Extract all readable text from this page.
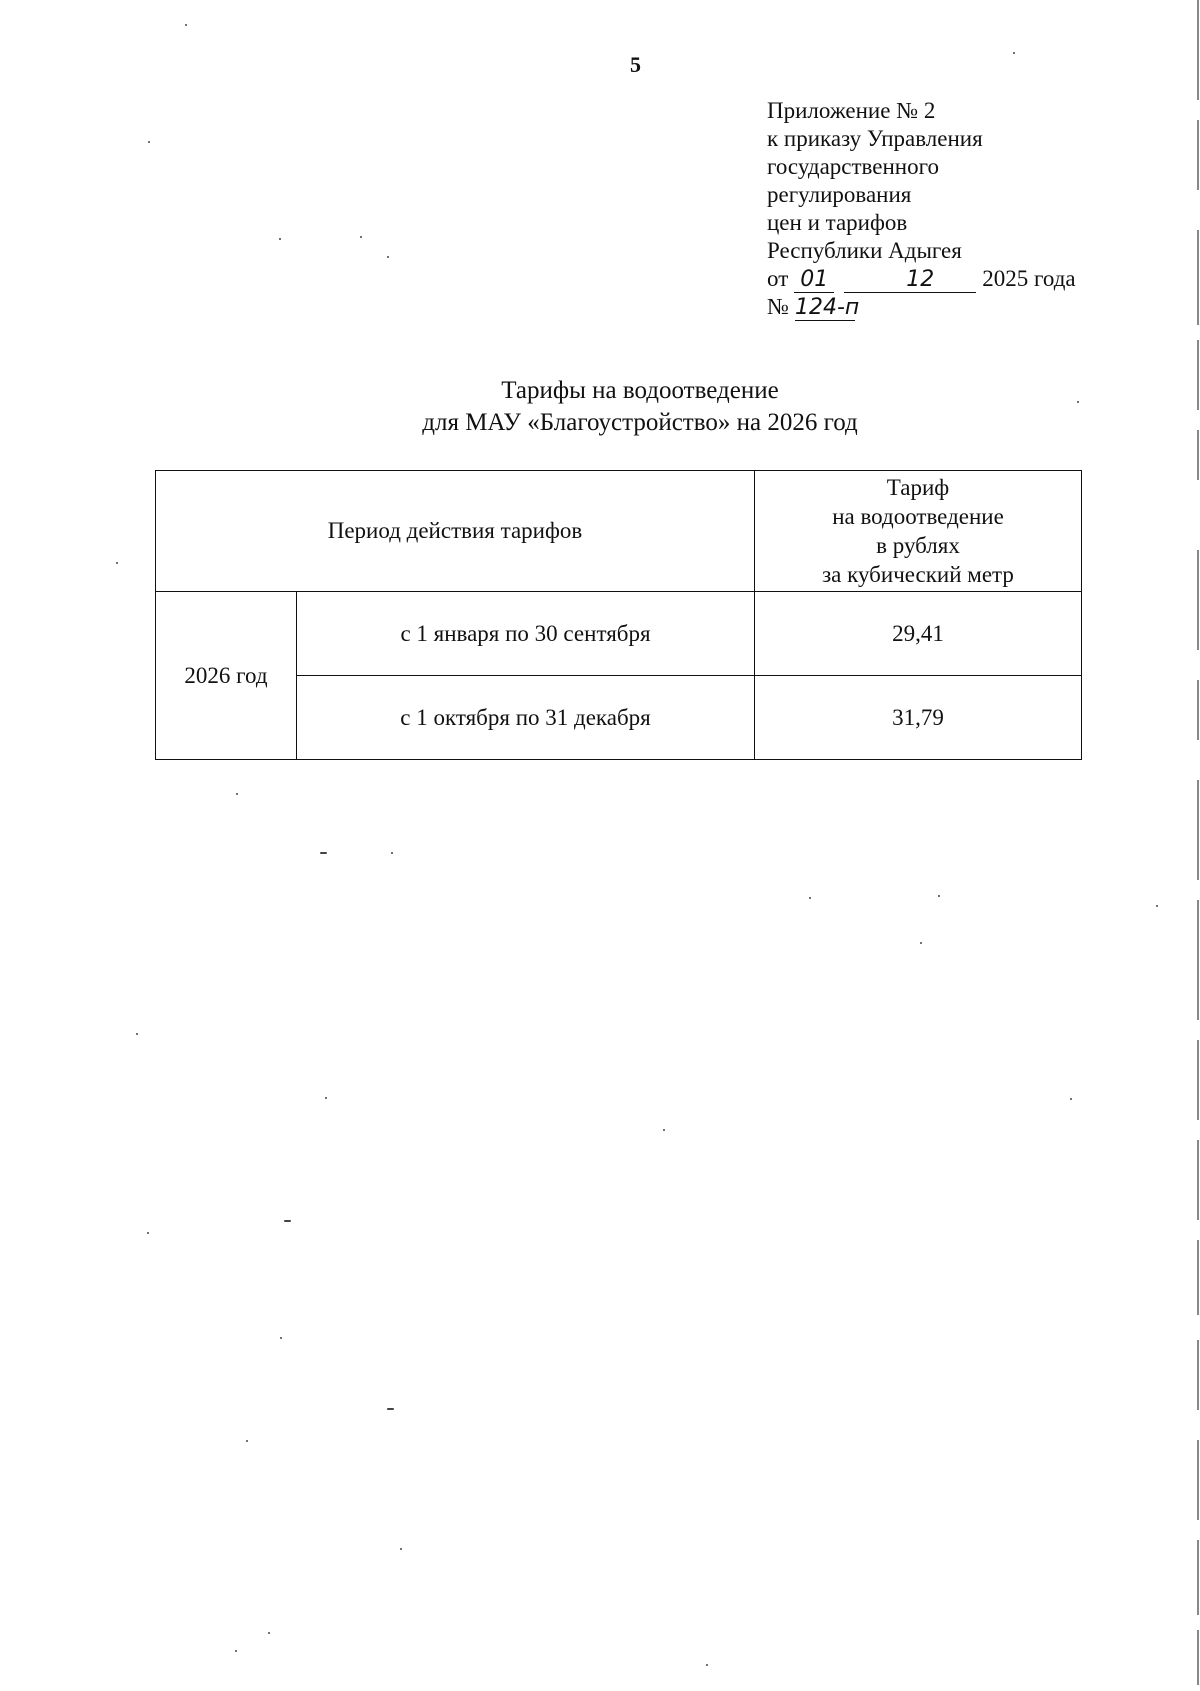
5
Приложение № 2
к приказу Управления
государственного
регулирования
цен и тарифов
Республики Адыгея
от 01	12 2025 года
№ 124-п
Тарифы на водоотведение
для МАУ «Благоустройство» на 2026 год
Период действия тарифов		Тариф
на водоотведение
в рублях
за кубический метр

2026 год	с 1 января по 30 сентября	29,41
	с 1 октября по 31 декабря	31,79
